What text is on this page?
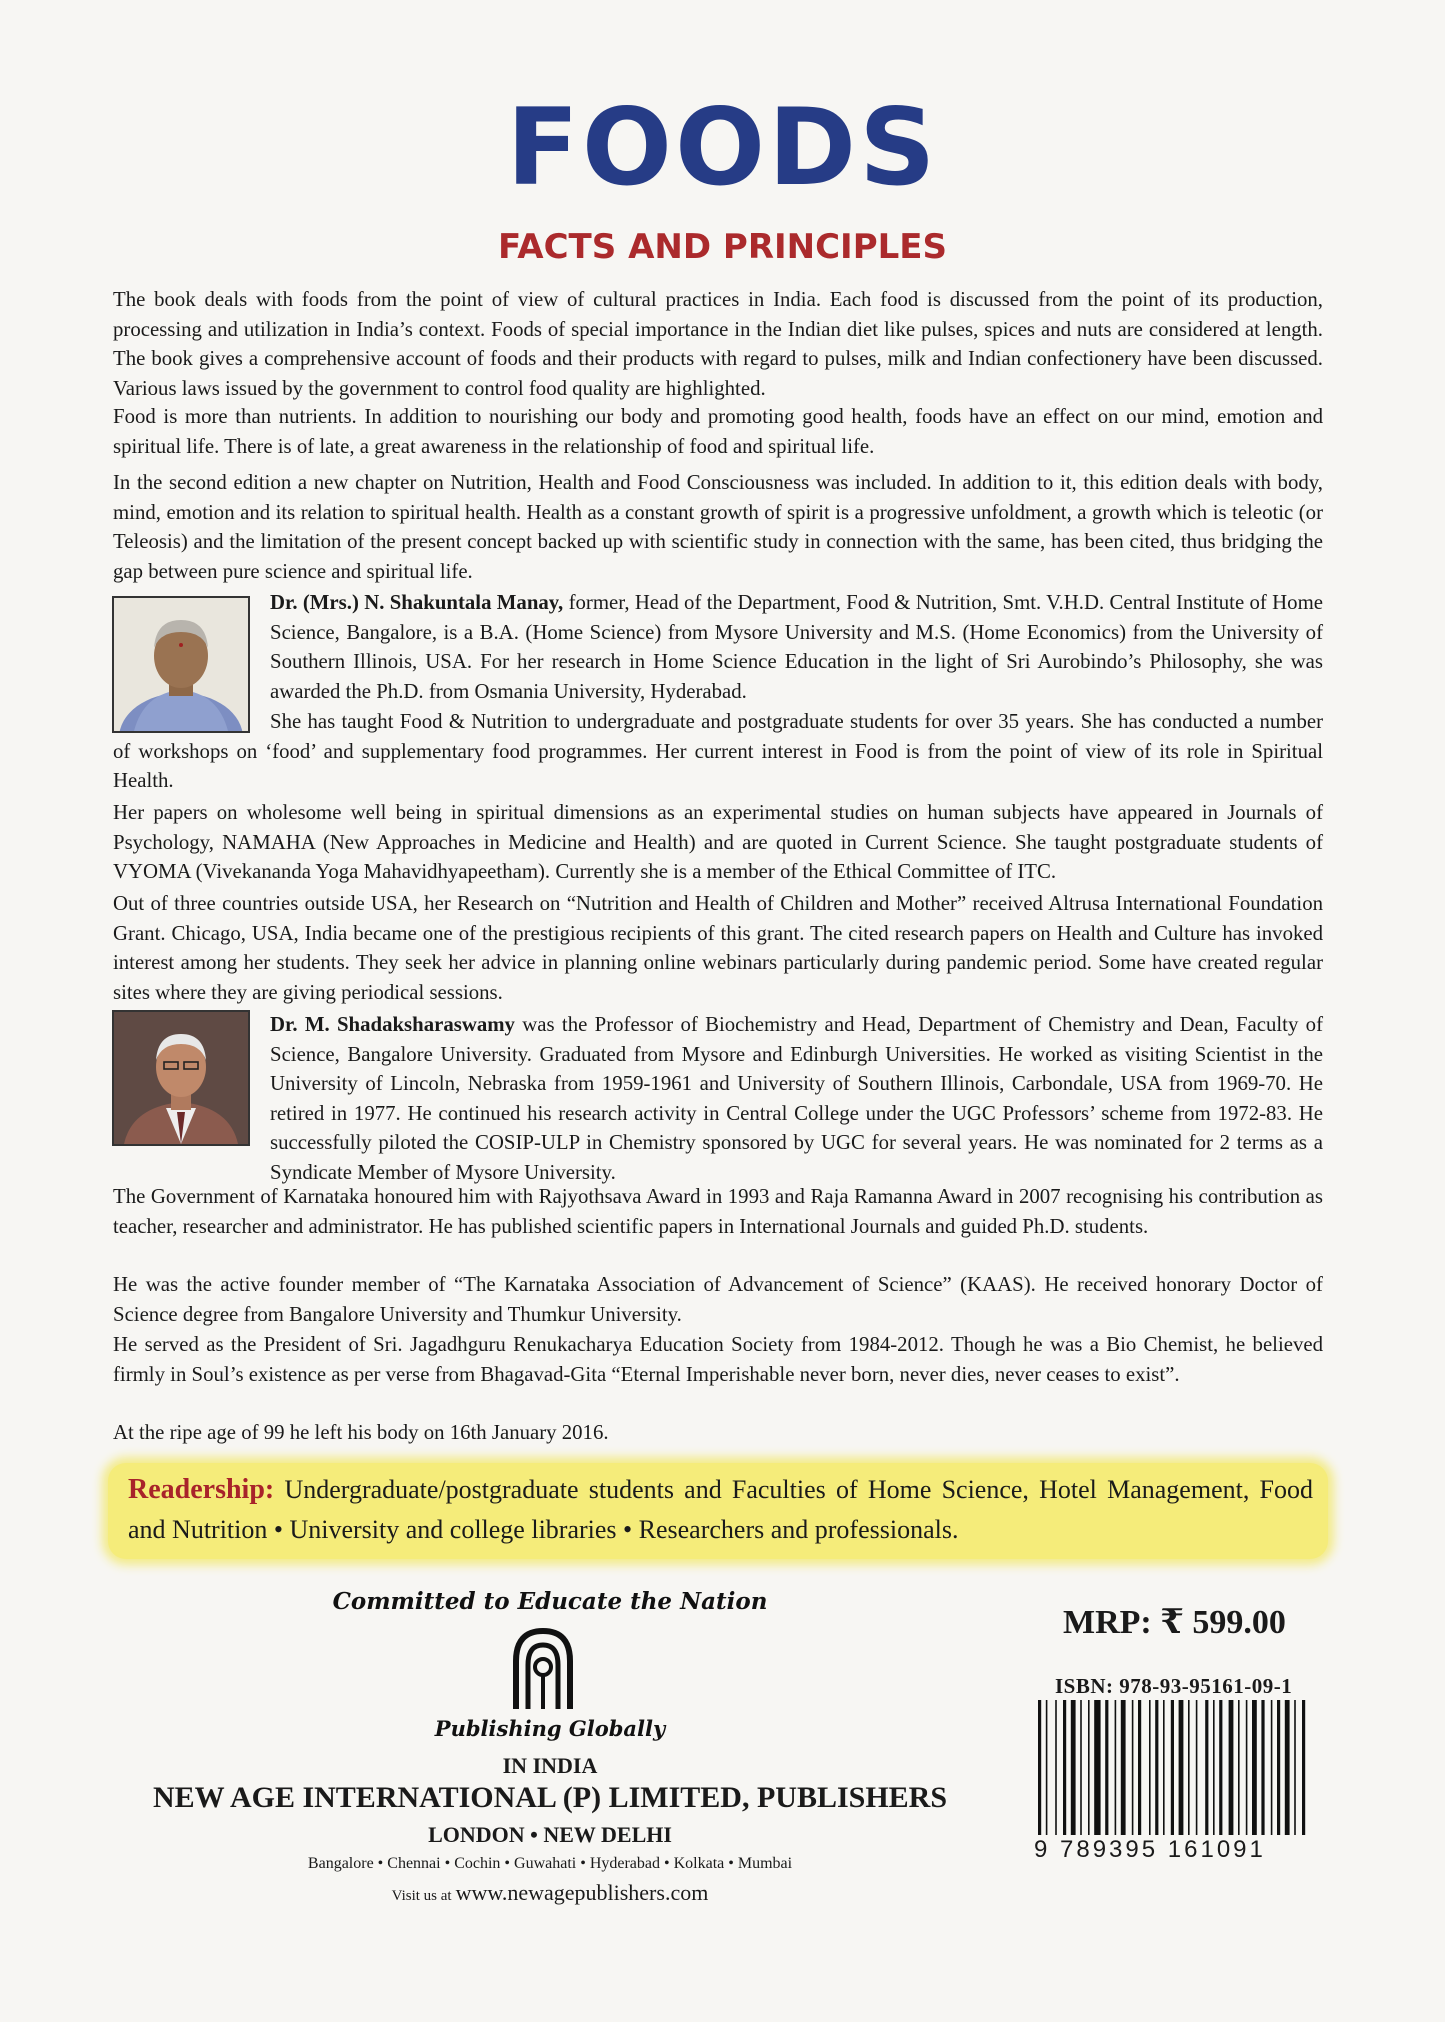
FOODS
FACTS AND PRINCIPLES

The book deals with foods from the point of view of cultural practices in India. Each food is discussed from the point of its production, processing and utilization in India’s context. Foods of special importance in the Indian diet like pulses, spices and nuts are considered at length. The book gives a comprehensive account of foods and their products with regard to pulses, milk and Indian confectionery have been discussed. Various laws issued by the government to control food quality are highlighted.

Food is more than nutrients. In addition to nourishing our body and promoting good health, foods have an effect on our mind, emotion and spiritual life. There is of late, a great awareness in the relationship of food and spiritual life.

In the second edition a new chapter on Nutrition, Health and Food Consciousness was included. In addition to it, this edition deals with body, mind, emotion and its relation to spiritual health. Health as a constant growth of spirit is a progressive unfoldment, a growth which is teleotic (or Teleosis) and the limitation of the present concept backed up with scientific study in connection with the same, has been cited, thus bridging the gap between pure science and spiritual life.

Dr. (Mrs.) N. Shakuntala Manay, former, Head of the Department, Food & Nutrition, Smt. V.H.D. Central Institute of Home Science, Bangalore, is a B.A. (Home Science) from Mysore University and M.S. (Home Economics) from the University of Southern Illinois, USA. For her research in Home Science Education in the light of Sri Aurobindo’s Philosophy, she was awarded the Ph.D. from Osmania University, Hyderabad.

She has taught Food & Nutrition to undergraduate and postgraduate students for over 35 years. She has conducted a number of workshops on ‘food’ and supplementary food programmes. Her current interest in Food is from the point of view of its role in Spiritual Health.

Her papers on wholesome well being in spiritual dimensions as an experimental studies on human subjects have appeared in Journals of Psychology, NAMAHA (New Approaches in Medicine and Health) and are quoted in Current Science. She taught postgraduate students of VYOMA (Vivekananda Yoga Mahavidhyapeetham). Currently she is a member of the Ethical Committee of ITC.

Out of three countries outside USA, her Research on “Nutrition and Health of Children and Mother” received Altrusa International Foundation Grant. Chicago, USA, India became one of the prestigious recipients of this grant. The cited research papers on Health and Culture has invoked interest among her students. They seek her advice in planning online webinars particularly during pandemic period. Some have created regular sites where they are giving periodical sessions.

Dr. M. Shadaksharaswamy was the Professor of Biochemistry and Head, Department of Chemistry and Dean, Faculty of Science, Bangalore University. Graduated from Mysore and Edinburgh Universities. He worked as visiting Scientist in the University of Lincoln, Nebraska from 1959-1961 and University of Southern Illinois, Carbondale, USA from 1969-70. He retired in 1977. He continued his research activity in Central College under the UGC Professors’ scheme from 1972-83. He successfully piloted the COSIP-ULP in Chemistry sponsored by UGC for several years. He was nominated for 2 terms as a Syndicate Member of Mysore University.

The Government of Karnataka honoured him with Rajyothsava Award in 1993 and Raja Ramanna Award in 2007 recognising his contribution as teacher, researcher and administrator. He has published scientific papers in International Journals and guided Ph.D. students.

He was the active founder member of “The Karnataka Association of Advancement of Science” (KAAS). He received honorary Doctor of Science degree from Bangalore University and Thumkur University.

He served as the President of Sri. Jagadhguru Renukacharya Education Society from 1984-2012. Though he was a Bio Chemist, he believed firmly in Soul’s existence as per verse from Bhagavad-Gita “Eternal Imperishable never born, never dies, never ceases to exist”.

At the ripe age of 99 he left his body on 16th January 2016.

Readership: Undergraduate/postgraduate students and Faculties of Home Science, Hotel Management, Food and Nutrition • University and college libraries • Researchers and professionals.
Committed to Educate the Nation
Publishing Globally
IN INDIA
NEW AGE INTERNATIONAL (P) LIMITED, PUBLISHERS
LONDON • NEW DELHI
Bangalore • Chennai • Cochin • Guwahati • Hyderabad • Kolkata • Mumbai
Visit us at www.newagepublishers.com
MRP: ₹ 599.00
ISBN: 978-93-95161-09-1
9 789395 161091
